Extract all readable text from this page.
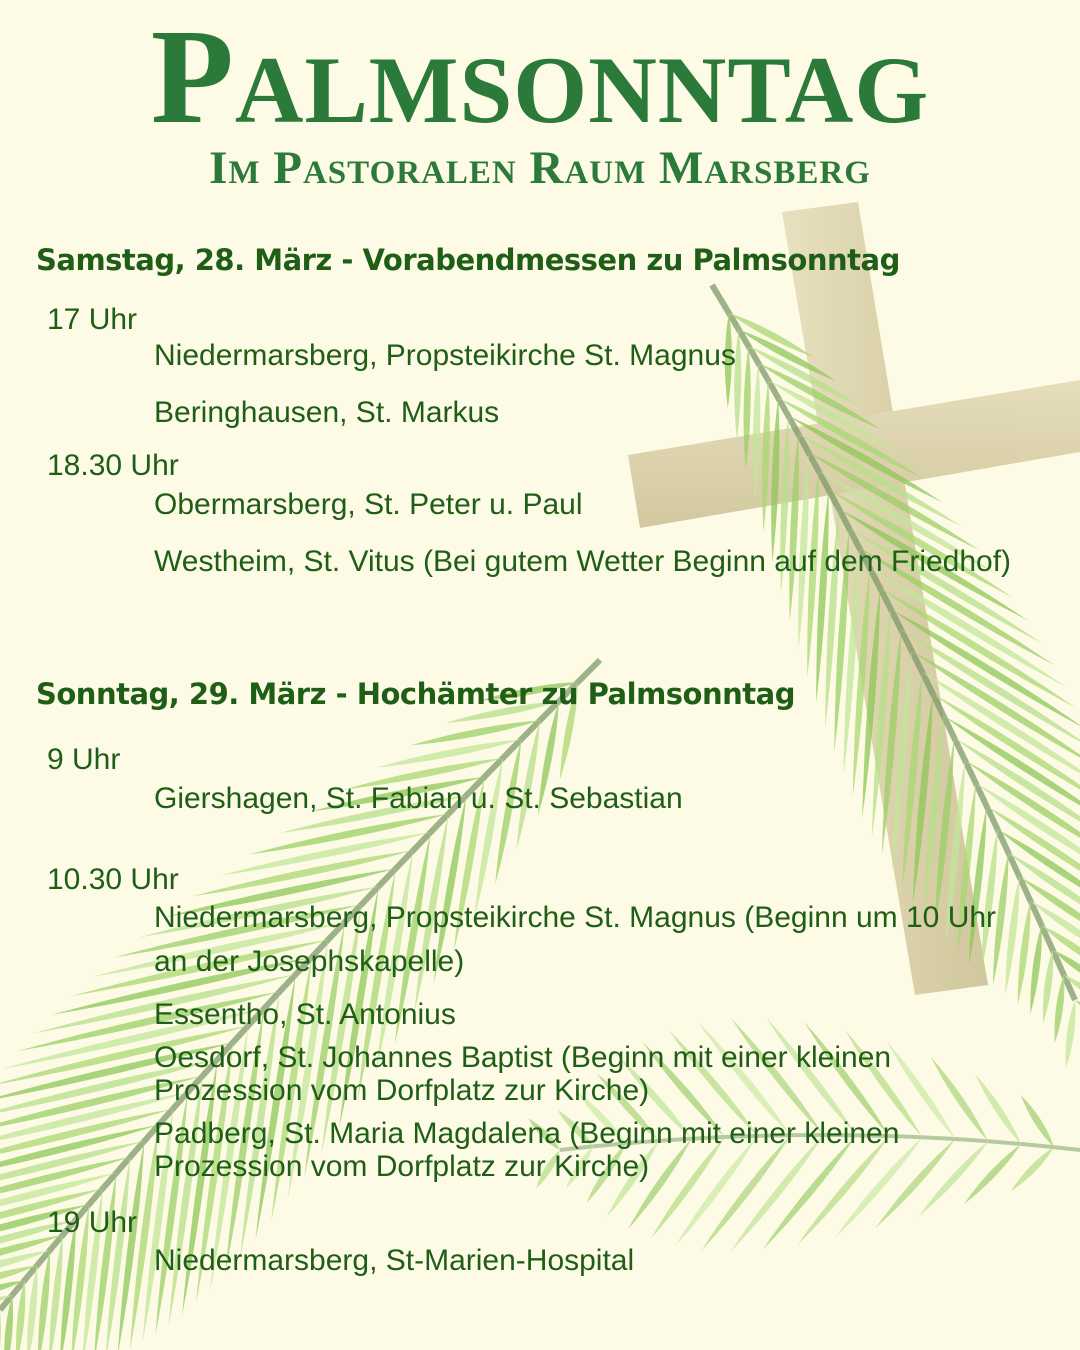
Palmsonntag
Im Pastoralen Raum Marsberg
Samstag, 28. März - Vorabendmessen zu Palmsonntag
17 Uhr
Niedermarsberg, Propsteikirche St. Magnus
Beringhausen, St. Markus
18.30 Uhr
Obermarsberg, St. Peter u. Paul
Westheim, St. Vitus (Bei gutem Wetter Beginn auf dem Friedhof)
Sonntag, 29. März - Hochämter zu Palmsonntag
9 Uhr
Giershagen, St. Fabian u. St. Sebastian
10.30 Uhr
Niedermarsberg, Propsteikirche St. Magnus (Beginn um 10 Uhr an der Josephskapelle)
Essentho, St. Antonius
Oesdorf, St. Johannes Baptist (Beginn mit einer kleinen Prozession vom Dorfplatz zur Kirche)
Padberg, St. Maria Magdalena (Beginn mit einer kleinen Prozession vom Dorfplatz zur Kirche)
19 Uhr
Niedermarsberg, St-Marien-Hospital
